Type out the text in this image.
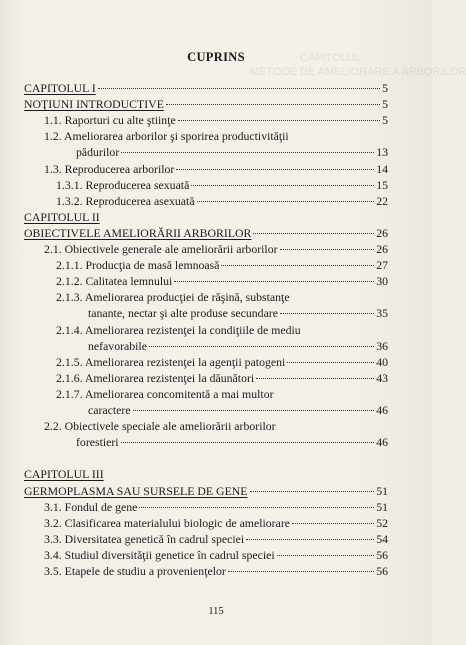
CAPITOLUL
METODE DE AMELIORARE A ARBORILOR
CUPRINS
CAPITOLUL I	5
NOŢIUNI INTRODUCTIVE	5
1.1. Raporturi cu alte ştiinţe	5
1.2. Ameliorarea arborilor şi sporirea productivităţii
pădurilor	13
1.3. Reproducerea arborilor	14
1.3.1. Reproducerea sexuată	15
1.3.2. Reproducerea asexuată	22
CAPITOLUL II
OBIECTIVELE AMELIORĂRII ARBORILOR	26
2.1. Obiectivele generale ale ameliorării arborilor	26
2.1.1. Producţia de masă lemnoasă	27
2.1.2. Calitatea lemnului	30
2.1.3. Ameliorarea producţiei de răşină, substanţe
tanante, nectar şi alte produse secundare	35
2.1.4. Ameliorarea rezistenţei la condiţiile de mediu
nefavorabile	36
2.1.5. Ameliorarea rezistenţei la agenţii patogeni	40
2.1.6. Ameliorarea rezistenţei la dăunători	43
2.1.7. Ameliorarea concomitentă a mai multor
caractere	46
2.2. Obiectivele speciale ale ameliorării arborilor
forestieri	46
CAPITOLUL III
GERMOPLASMA SAU SURSELE DE GENE	51
3.1. Fondul de gene	51
3.2. Clasificarea materialului biologic de ameliorare	52
3.3. Diversitatea genetică în cadrul speciei	54
3.4. Studiul diversităţii genetice în cadrul speciei	56
3.5. Etapele de studiu a provenienţelor	56
115
